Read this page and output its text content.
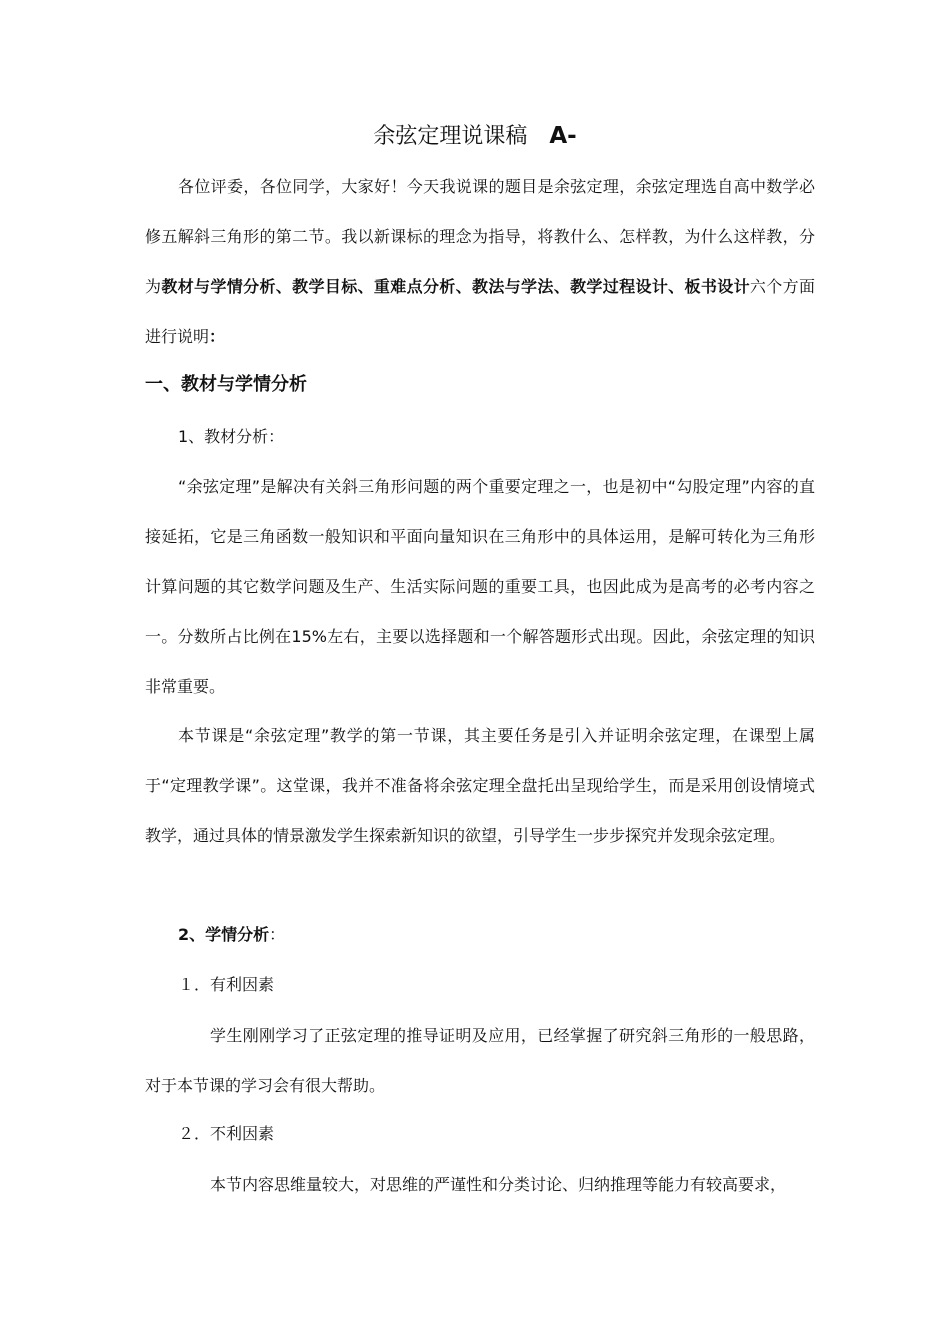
余弦定理说课稿 A-
各位评委，各位同学，大家好！今天我说课的题目是余弦定理，余弦定理选自高中数学必修五解斜三角形的第二节。我以新课标的理念为指导，将教什么、怎样教，为什么这样教，分为教材与学情分析、教学目标、重难点分析、教法与学法、教学过程设计、板书设计六个方面进行说明：
一、教材与学情分析
1、教材分析：
“余弦定理”是解决有关斜三角形问题的两个重要定理之一，也是初中“勾股定理”内容的直接延拓，它是三角函数一般知识和平面向量知识在三角形中的具体运用，是解可转化为三角形计算问题的其它数学问题及生产、生活实际问题的重要工具，也因此成为是高考的必考内容之一。分数所占比例在15%左右，主要以选择题和一个解答题形式出现。因此，余弦定理的知识非常重要。
本节课是“余弦定理”教学的第一节课，其主要任务是引入并证明余弦定理，在课型上属于“定理教学课”。这堂课，我并不准备将余弦定理全盘托出呈现给学生，而是采用创设情境式教学，通过具体的情景激发学生探索新知识的欲望，引导学生一步步探究并发现余弦定理。
2、学情分析：
１．有利因素
学生刚刚学习了正弦定理的推导证明及应用，已经掌握了研究斜三角形的一般思路，对于本节课的学习会有很大帮助。
２．不利因素
本节内容思维量较大，对思维的严谨性和分类讨论、归纳推理等能力有较高要求，
